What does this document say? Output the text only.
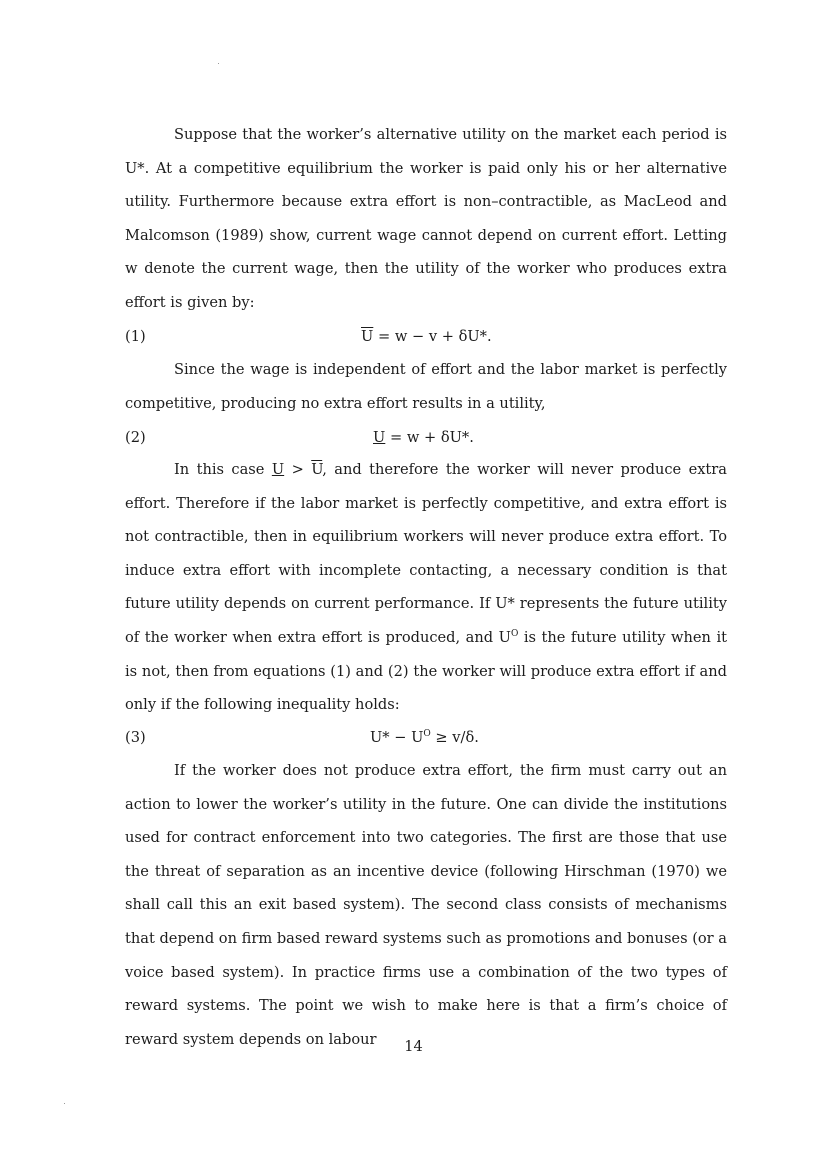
Suppose that the worker’s alternative utility on the market each period is U*. At a competitive equilibrium the worker is paid only his or her alternative utility. Furthermore because extra effort is non–contractible, as MacLeod and Malcomson (1989) show, current wage cannot depend on current effort. Letting w denote the current wage, then the utility of the worker who produces extra effort is given by:

(1)	$\overline{U} = w - v + \delta U*$.

Since the wage is independent of effort and the labor market is perfectly competitive, producing no extra effort results in a utility,

(2)	U = w + δU*.

In this case $U > \overline{U}$, and therefore the worker will never produce extra effort. Therefore if the labor market is perfectly competitive, and extra effort is not contractible, then in equilibrium workers will never produce extra effort. To induce extra effort with incomplete contacting, a necessary condition is that future utility depends on current performance. If U* represents the future utility of the worker when extra effort is produced, and $U^O$ is the future utility when it is not, then from equations (1) and (2) the worker will produce extra effort if and only if the following inequality holds:

(3)	$U* - U^O \ge v/\delta$.

If the worker does not produce extra effort, the firm must carry out an action to lower the worker’s utility in the future. One can divide the institutions used for contract enforcement into two categories. The first are those that use the threat of separation as an incentive device (following Hirschman (1970) we shall call this an exit based system). The second class consists of mechanisms that depend on firm based reward systems such as promotions and bonuses (or a voice based system). In practice firms use a combination of the two types of reward systems. The point we wish to make here is that a firm’s choice of reward system depends on labour	14
